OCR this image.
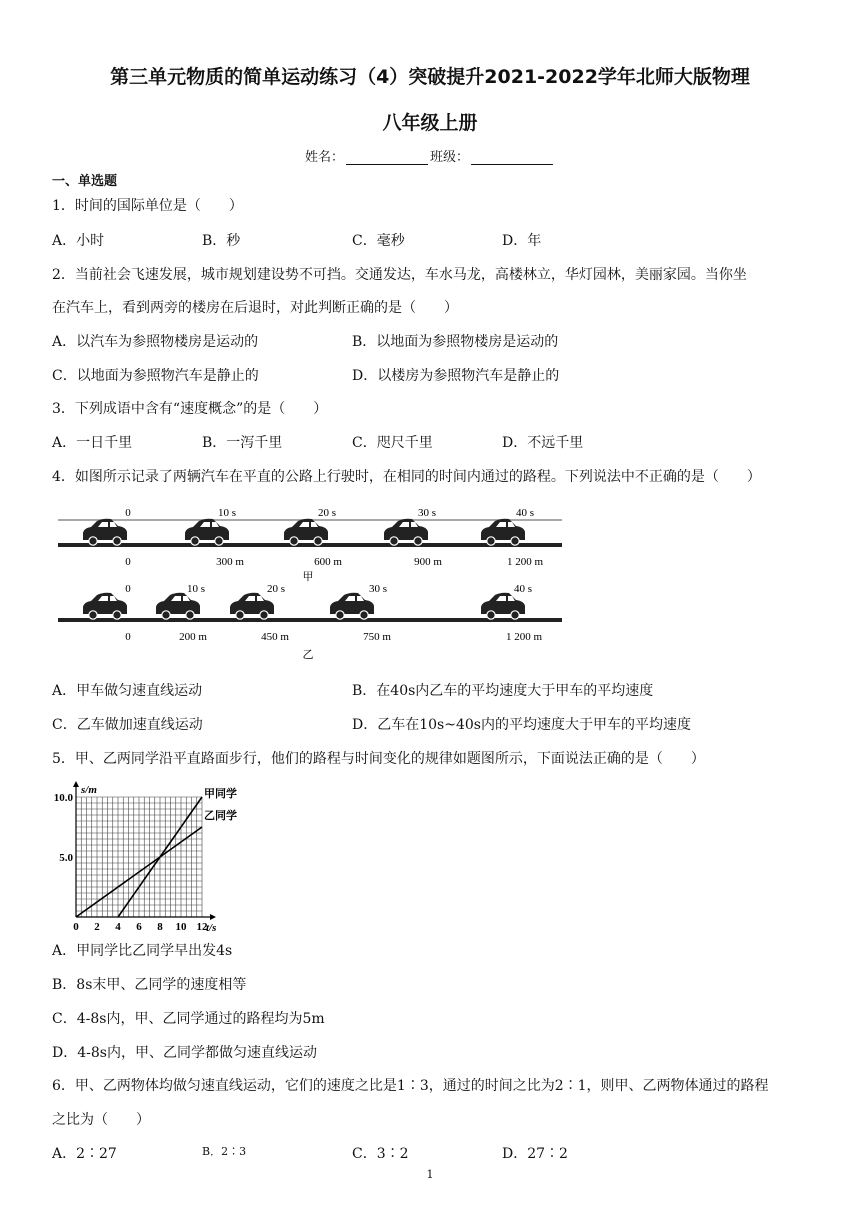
第三单元物质的简单运动练习（4）突破提升2021-2022学年北师大版物理
八年级上册
姓名：	班级：
一、单选题
1．时间的国际单位是（　　）
A．小时	B．秒	C．毫秒	D．年
2．当前社会飞速发展，城市规划建设势不可挡。交通发达，车水马龙，高楼林立，华灯园林，美丽家园。当你坐
在汽车上，看到两旁的楼房在后退时，对此判断正确的是（　　）
A．以汽车为参照物楼房是运动的	B．以地面为参照物楼房是运动的
C．以地面为参照物汽车是静止的	D．以楼房为参照物汽车是静止的
3．下列成语中含有“速度概念”的是（　　）
A．一日千里	B．一泻千里	C．咫尺千里	D．不远千里
4．如图所示记录了两辆汽车在平直的公路上行驶时，在相同的时间内通过的路程。下列说法中不正确的是（　　）
0	10 s	20 s	30 s	40 s
0	300 m	600 m	900 m	1 200 m
甲
0	10 s	20 s	30 s	40 s
0	200 m	450 m	750 m	1 200 m
乙
A．甲车做匀速直线运动	B．在40s内乙车的平均速度大于甲车的平均速度
C．乙车做加速直线运动	D．乙车在10s~40s内的平均速度大于甲车的平均速度
5．甲、乙两同学沿平直路面步行，他们的路程与时间变化的规律如题图所示，下面说法正确的是（　　）
s/m
t/s
0 2 4 6 8 10 12
5.0
10.0	甲同学
乙同学
A．甲同学比乙同学早出发4s
B．8s末甲、乙同学的速度相等
C．4-8s内，甲、乙同学通过的路程均为5m
D．4-8s内，甲、乙同学都做匀速直线运动
6．甲、乙两物体均做匀速直线运动，它们的速度之比是1∶3，通过的时间之比为2∶1，则甲、乙两物体通过的路程
之比为（　　）
A．2∶27	B．2∶3	C．3∶2	D．27∶2
1
